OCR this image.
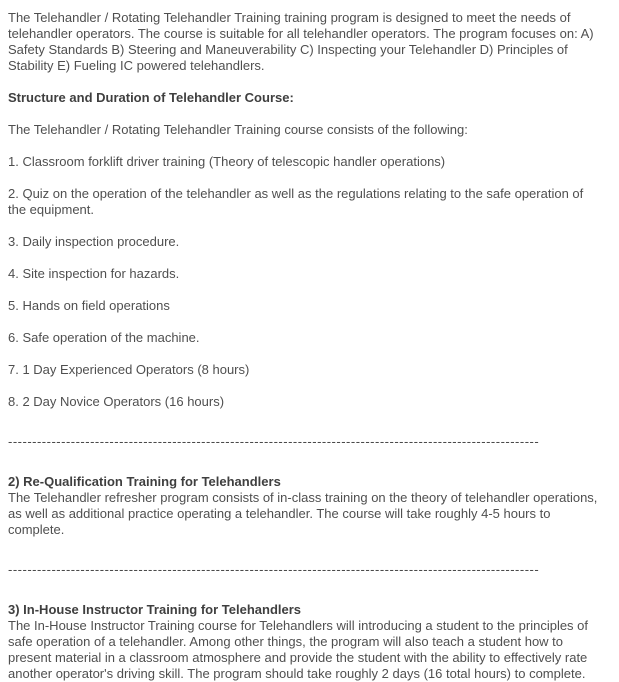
The Telehandler / Rotating Telehandler Training training program is designed to meet the needs of telehandler operators. The course is suitable for all telehandler operators. The program focuses on: A) Safety Standards B) Steering and Maneuverability C) Inspecting your Telehandler D) Principles of Stability E) Fueling IC powered telehandlers.

Structure and Duration of Telehandler Course:

The Telehandler / Rotating Telehandler Training course consists of the following:

1. Classroom forklift driver training (Theory of telescopic handler operations)

2. Quiz on the operation of the telehandler as well as the regulations relating to the safe operation of the equipment.

3. Daily inspection procedure.

4. Site inspection for hazards.

5. Hands on field operations

6. Safe operation of the machine.

7. 1 Day Experienced Operators (8 hours)

8. 2 Day Novice Operators (16 hours)

--------------------------------------------------------------------------------------------------------------

2) Re-Qualification Training for Telehandlers
The Telehandler refresher program consists of in-class training on the theory of telehandler operations, as well as additional practice operating a telehandler. The course will take roughly 4-5 hours to complete.

--------------------------------------------------------------------------------------------------------------

3) In-House Instructor Training for Telehandlers
The In-House Instructor Training course for Telehandlers will introducing a student to the principles of safe operation of a telehandler. Among other things, the program will also teach a student how to present material in a classroom atmosphere and provide the student with the ability to effectively rate another operator's driving skill. The program should take roughly 2 days (16 total hours) to complete.
